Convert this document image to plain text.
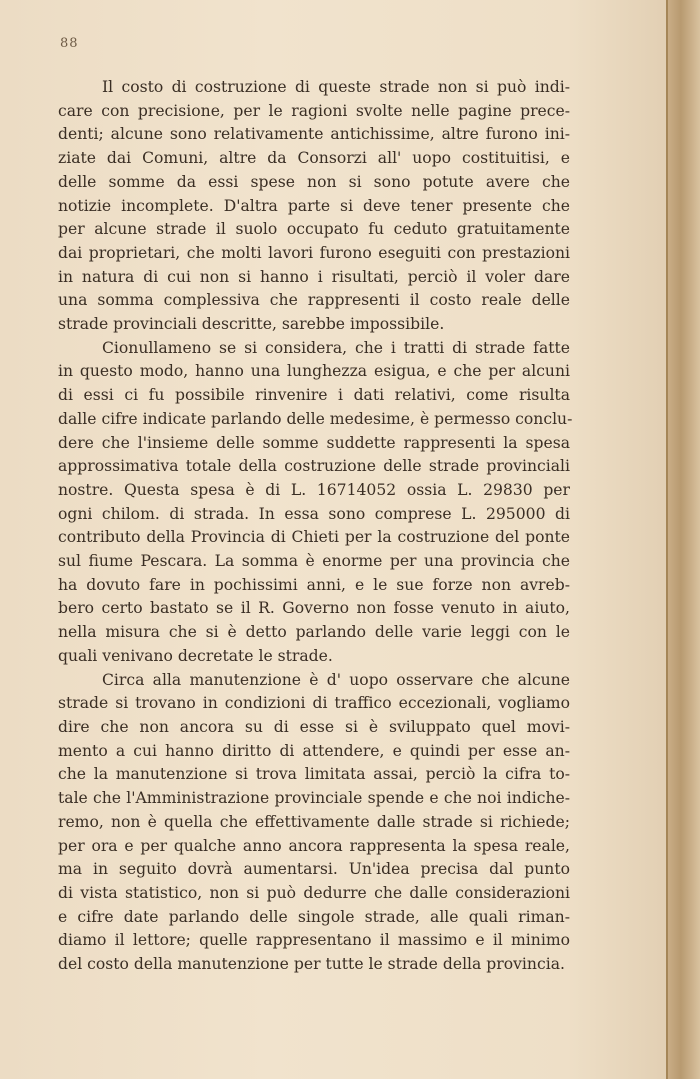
88
Il costo di costruzione di queste strade non si può indi-
care con precisione, per le ragioni svolte nelle pagine prece-
denti; alcune sono relativamente antichissime, altre furono ini-
ziate dai Comuni, altre da Consorzi all' uopo costituitisi, e
delle somme da essi spese non si sono potute avere che
notizie incomplete. D'altra parte si deve tener presente che
per alcune strade il suolo occupato fu ceduto gratuitamente
dai proprietari, che molti lavori furono eseguiti con prestazioni
in natura di cui non si hanno i risultati, perciò il voler dare
una somma complessiva che rappresenti il costo reale delle
strade provinciali descritte, sarebbe impossibile.
Cionullameno se si considera, che i tratti di strade fatte
in questo modo, hanno una lunghezza esigua, e che per alcuni
di essi ci fu possibile rinvenire i dati relativi, come risulta
dalle cifre indicate parlando delle medesime, è permesso conclu-
dere che l'insieme delle somme suddette rappresenti la spesa
approssimativa totale della costruzione delle strade provinciali
nostre. Questa spesa è di L. 16714052 ossia L. 29830 per
ogni chilom. di strada. In essa sono comprese L. 295000 di
contributo della Provincia di Chieti per la costruzione del ponte
sul fiume Pescara. La somma è enorme per una provincia che
ha dovuto fare in pochissimi anni, e le sue forze non avreb-
bero certo bastato se il R. Governo non fosse venuto in aiuto,
nella misura che si è detto parlando delle varie leggi con le
quali venivano decretate le strade.
Circa alla manutenzione è d' uopo osservare che alcune
strade si trovano in condizioni di traffico eccezionali, vogliamo
dire che non ancora su di esse si è sviluppato quel movi-
mento a cui hanno diritto di attendere, e quindi per esse an-
che la manutenzione si trova limitata assai, perciò la cifra to-
tale che l'Amministrazione provinciale spende e che noi indiche-
remo, non è quella che effettivamente dalle strade si richiede;
per ora e per qualche anno ancora rappresenta la spesa reale,
ma in seguito dovrà aumentarsi. Un'idea precisa dal punto
di vista statistico, non si può dedurre che dalle considerazioni
e cifre date parlando delle singole strade, alle quali riman-
diamo il lettore; quelle rappresentano il massimo e il minimo
del costo della manutenzione per tutte le strade della provincia.
